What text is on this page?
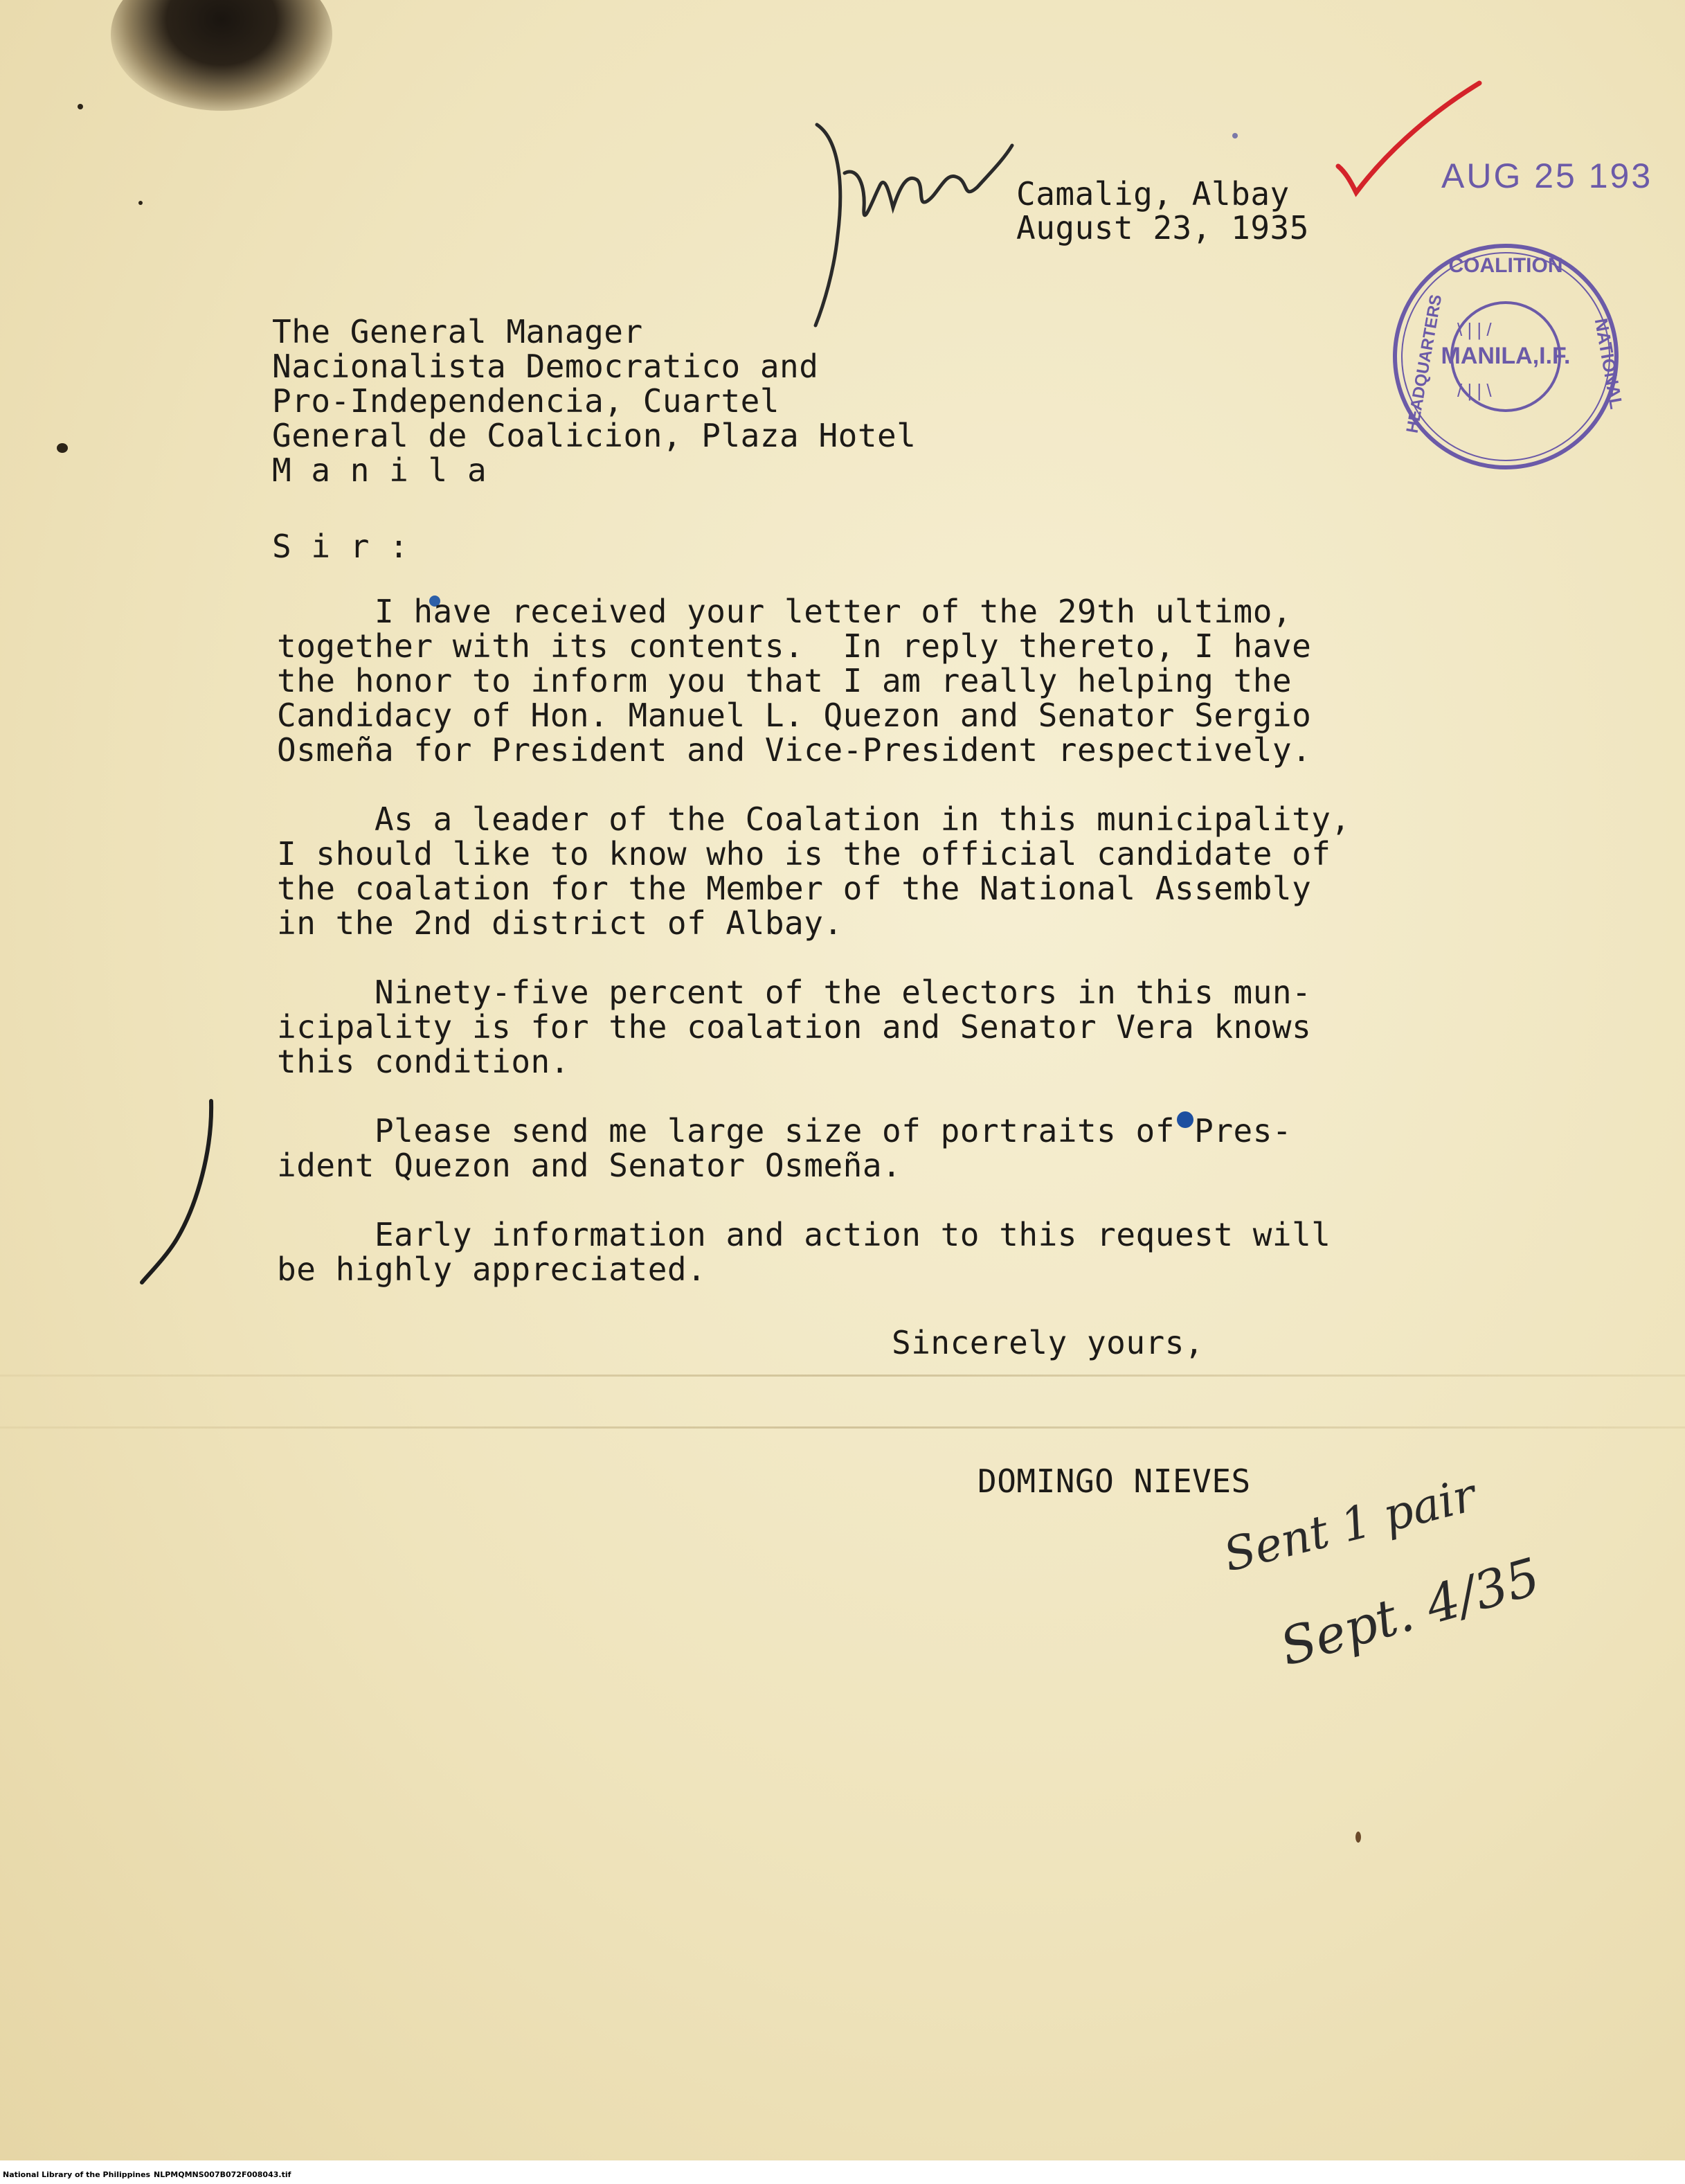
Camalig, Albay
August 23, 1935
AUG 25 193
MANILA,I.F.
\ | | /
/ | | \
COALITION
NATIONAL
HEADQUARTERS
The General Manager
Nacionalista Democratico and
Pro-Independencia, Cuartel
General de Coalicion, Plaza Hotel
M a n i l a
S i r :
I have received your letter of the 29th ultimo,
together with its contents.  In reply thereto, I have
the honor to inform you that I am really helping the
Candidacy of Hon. Manuel L. Quezon and Senator Sergio
Osmeña for President and Vice-President respectively.
As a leader of the Coalation in this municipality,
I should like to know who is the official candidate of
the coalation for the Member of the National Assembly
in the 2nd district of Albay.
Ninety-five percent of the electors in this mun-
icipality is for the coalation and Senator Vera knows
this condition.
Please send me large size of portraits of Pres-
ident Quezon and Senator Osmeña.
Early information and action to this request will
be highly appreciated.
Sincerely yours,
DOMINGO NIEVES
Sent 1 pair
Sept. 4/35
National Library of the Philippines NLPMQMNS007B072F008043.tif
